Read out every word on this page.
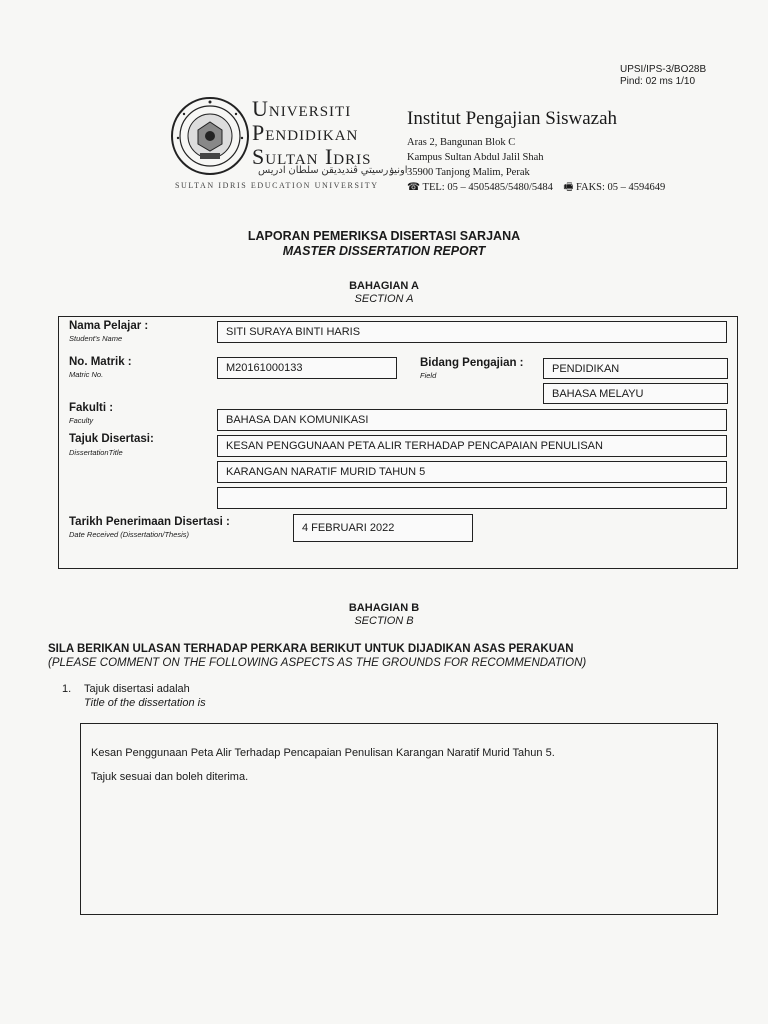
UPSI/IPS-3/BO28B
Pind: 02 ms 1/10
Universiti
Pendidikan
Sultan Idris
اونيۏرسيتي ڤنديديقن سلطان ادريس
SULTAN IDRIS EDUCATION UNIVERSITY
Institut Pengajian Siswazah
Aras 2, Bangunan Blok C
Kampus Sultan Abdul Jalil Shah
35900 Tanjong Malim, Perak
☎ TEL: 05 – 4505485/5480/5484 🖷 FAKS: 05 – 4594649
LAPORAN PEMERIKSA DISERTASI SARJANA
MASTER DISSERTATION REPORT
BAHAGIAN A
SECTION A
Nama Pelajar :
Student's Name
SITI SURAYA BINTI HARIS
No. Matrik :
Matric No.
M20161000133	Bidang Pengajian :
Field
PENDIDIKAN
BAHASA MELAYU
Fakulti :
Faculty	BAHASA DAN KOMUNIKASI
Tajuk Disertasi:
DissertationTitle
KESAN PENGGUNAAN PETA ALIR TERHADAP PENCAPAIAN PENULISAN
KARANGAN NARATIF MURID TAHUN 5
Tarikh Penerimaan Disertasi :
Date Received (Dissertation/Thesis)
4 FEBRUARI 2022
BAHAGIAN B
SECTION B
SILA BERIKAN ULASAN TERHADAP PERKARA BERIKUT UNTUK DIJADIKAN ASAS PERAKUAN
(PLEASE COMMENT ON THE FOLLOWING ASPECTS AS THE GROUNDS FOR RECOMMENDATION)
1. Tajuk disertasi adalah
Title of the dissertation is
Kesan Penggunaan Peta Alir Terhadap Pencapaian Penulisan Karangan Naratif Murid Tahun 5.
Tajuk sesuai dan boleh diterima.
